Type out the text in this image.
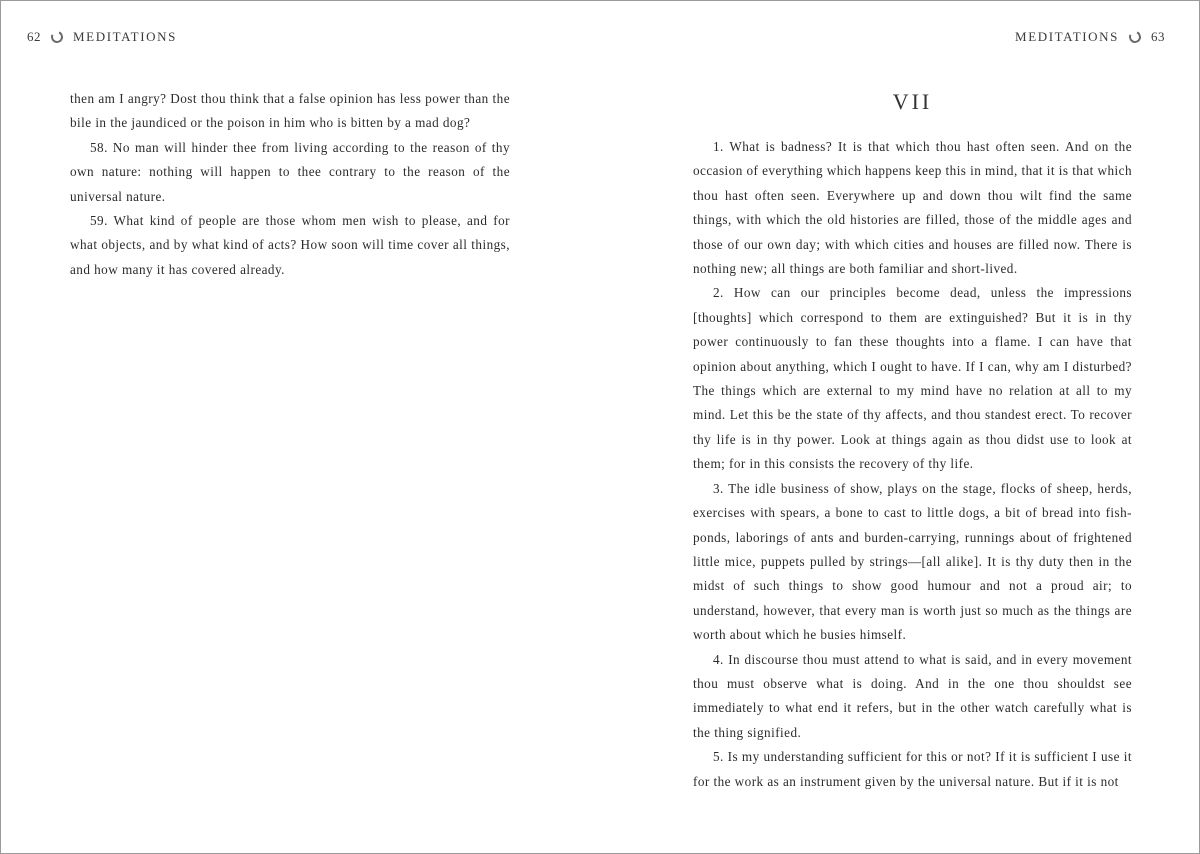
62 MEDITATIONS

then am I angry? Dost thou think that a false opinion has less power than the bile in the jaundiced or the poison in him who is bitten by a mad dog?

58. No man will hinder thee from living according to the reason of thy own nature: nothing will happen to thee contrary to the reason of the universal nature.

59. What kind of people are those whom men wish to please, and for what objects, and by what kind of acts? How soon will time cover all things, and how many it has covered already.

MEDITATIONS 63
VII

1. What is badness? It is that which thou hast often seen. And on the occasion of everything which happens keep this in mind, that it is that which thou hast often seen. Everywhere up and down thou wilt find the same things, with which the old histories are filled, those of the middle ages and those of our own day; with which cities and houses are filled now. There is nothing new; all things are both familiar and short-lived.

2. How can our principles become dead, unless the impressions [thoughts] which correspond to them are extinguished? But it is in thy power continuously to fan these thoughts into a flame. I can have that opinion about anything, which I ought to have. If I can, why am I disturbed? The things which are external to my mind have no relation at all to my mind. Let this be the state of thy affects, and thou standest erect. To recover thy life is in thy power. Look at things again as thou didst use to look at them; for in this consists the recovery of thy life.

3. The idle business of show, plays on the stage, flocks of sheep, herds, exercises with spears, a bone to cast to little dogs, a bit of bread into fish-ponds, laborings of ants and burden-carrying, runnings about of frightened little mice, puppets pulled by strings—[all alike]. It is thy duty then in the midst of such things to show good humour and not a proud air; to understand, however, that every man is worth just so much as the things are worth about which he busies himself.

4. In discourse thou must attend to what is said, and in every movement thou must observe what is doing. And in the one thou shouldst see immediately to what end it refers, but in the other watch carefully what is the thing signified.

5. Is my understanding sufficient for this or not? If it is sufficient I use it for the work as an instrument given by the universal nature. But if it is not
